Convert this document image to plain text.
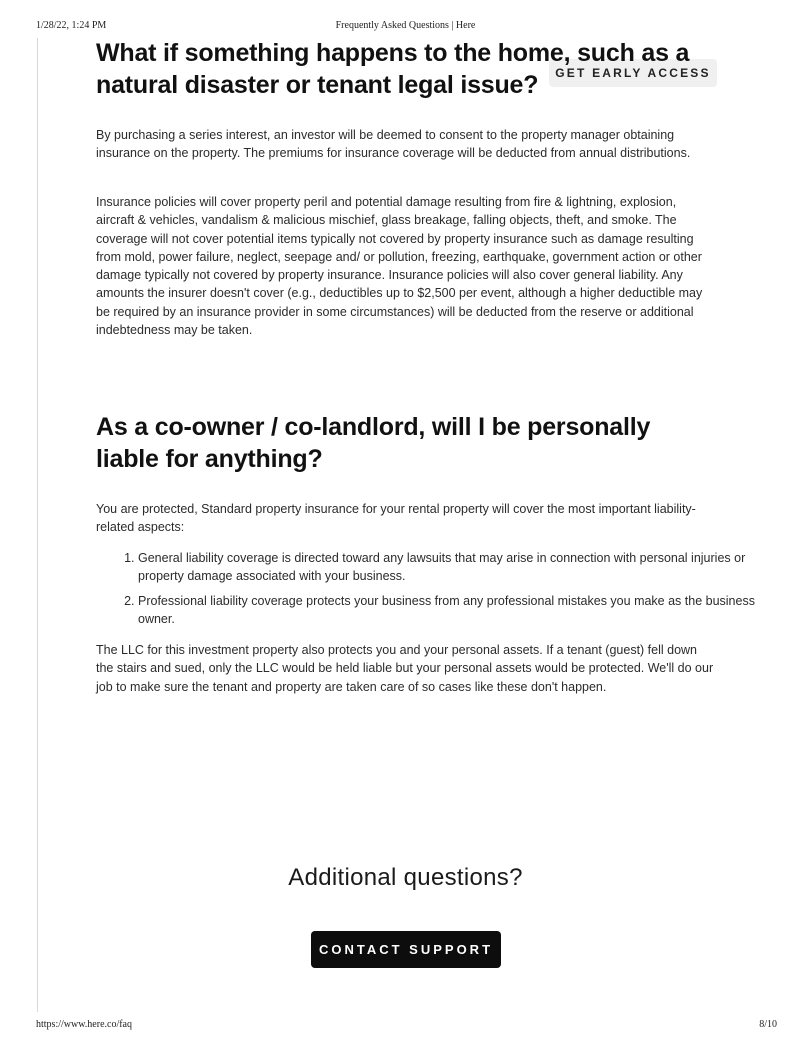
1/28/22, 1:24 PM	Frequently Asked Questions | Here
GET EARLY ACCESS
What if something happens to the home, such as a natural disaster or tenant legal issue?

By purchasing a series interest, an investor will be deemed to consent to the property manager obtaining insurance on the property. The premiums for insurance coverage will be deducted from annual distributions.

Insurance policies will cover property peril and potential damage resulting from fire & lightning, explosion, aircraft & vehicles, vandalism & malicious mischief, glass breakage, falling objects, theft, and smoke. The coverage will not cover potential items typically not covered by property insurance such as damage resulting from mold, power failure, neglect, seepage and/ or pollution, freezing, earthquake, government action or other damage typically not covered by property insurance. Insurance policies will also cover general liability. Any amounts the insurer doesn't cover (e.g., deductibles up to $2,500 per event, although a higher deductible may be required by an insurance provider in some circumstances) will be deducted from the reserve or additional indebtedness may be taken.

As a co-owner / co-landlord, will I be personally liable for anything?

You are protected, Standard property insurance for your rental property will cover the most important liability-related aspects:

1. General liability coverage is directed toward any lawsuits that may arise in connection with personal injuries or property damage associated with your business.
2. Professional liability coverage protects your business from any professional mistakes you make as the business owner.

The LLC for this investment property also protects you and your personal assets. If a tenant (guest) fell down the stairs and sued, only the LLC would be held liable but your personal assets would be protected. We'll do our job to make sure the tenant and property are taken care of so cases like these don't happen.

Additional questions?
CONTACT SUPPORT
https://www.here.co/faq	8/10
